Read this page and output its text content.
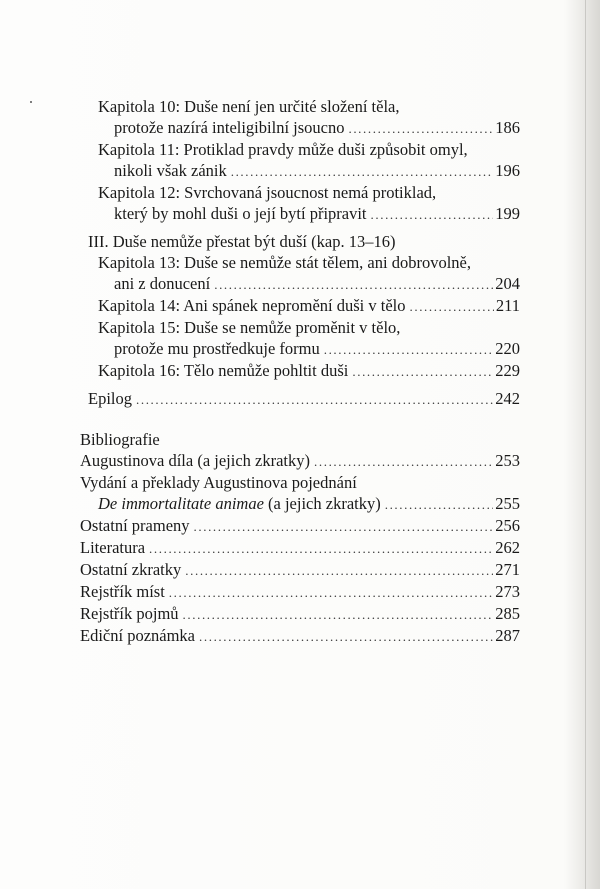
Kapitola 10: Duše není jen určité složení těla,
protože nazírá inteligibilní jsoucno .....	186
Kapitola 11: Protiklad pravdy může duši způsobit omyl,
nikoli však zánik .....	196
Kapitola 12: Svrchovaná jsoucnost nemá protiklad,
který by mohl duši o její bytí připravit .....	199
III. Duše nemůže přestat být duší (kap. 13–16)
Kapitola 13: Duše se nemůže stát tělem, ani dobrovolně,
ani z donucení .....	204
Kapitola 14: Ani spánek nepromění duši v tělo .....	211
Kapitola 15: Duše se nemůže proměnit v tělo,
protože mu prostředkuje formu .....	220
Kapitola 16: Tělo nemůže pohltit duši .....	229
Epilog .....	242
Bibliografie
Augustinova díla (a jejich zkratky) .....	253
Vydání a překlady Augustinova pojednání
De immortalitate animae (a jejich zkratky) .....	255
Ostatní prameny .....	256
Literatura .....	262
Ostatní zkratky .....	271
Rejstřík míst .....	273
Rejstřík pojmů .....	285
Ediční poznámka .....	287
